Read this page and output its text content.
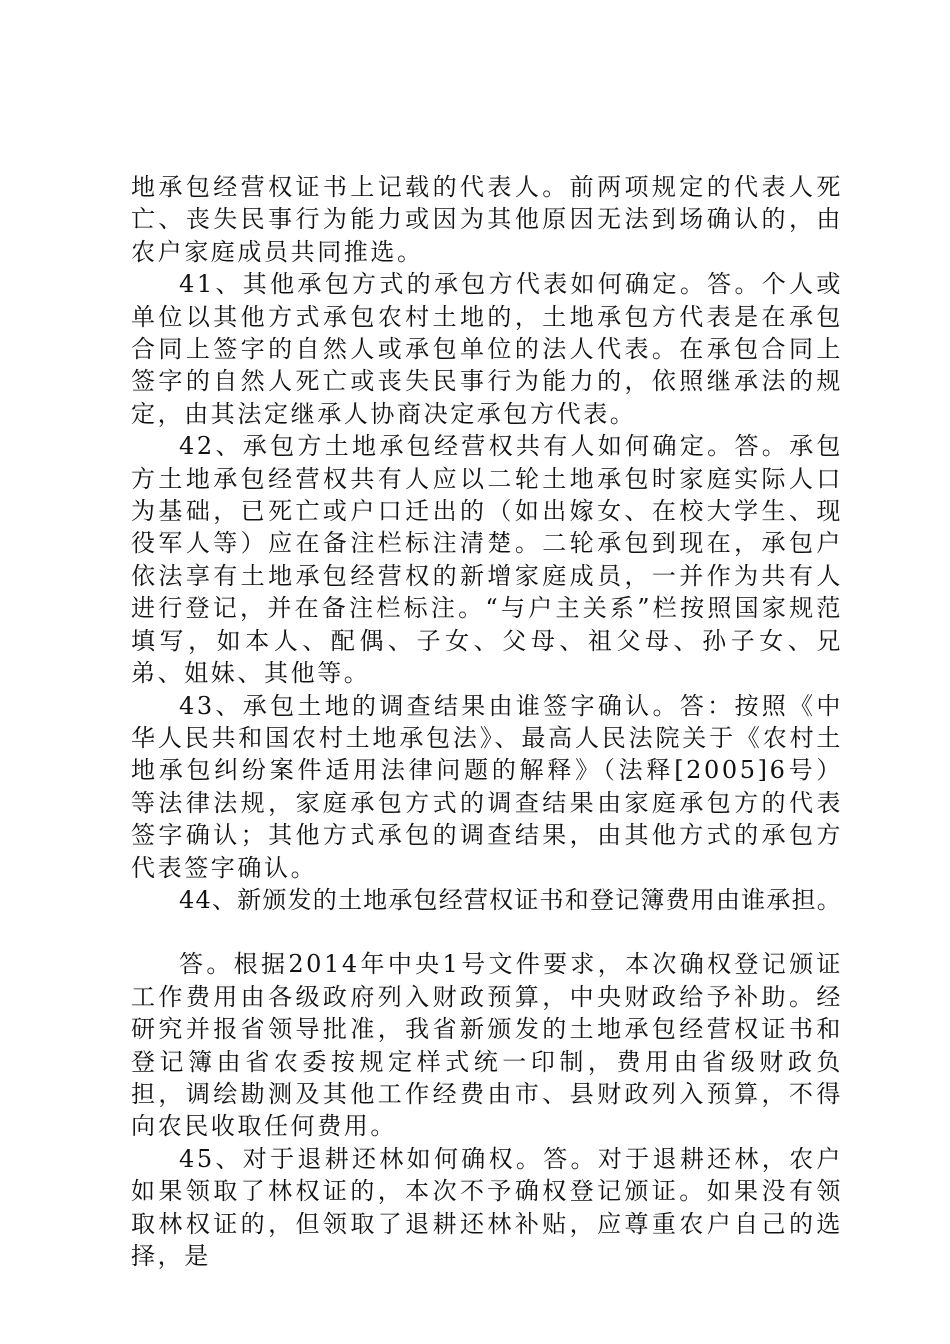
地承包经营权证书上记载的代表人。前两项规定的代表人死亡、丧失民事行为能力或因为其他原因无法到场确认的，由农户家庭成员共同推选。

41、其他承包方式的承包方代表如何确定。答。个人或单位以其他方式承包农村土地的，土地承包方代表是在承包合同上签字的自然人或承包单位的法人代表。在承包合同上签字的自然人死亡或丧失民事行为能力的，依照继承法的规定，由其法定继承人协商决定承包方代表。

42、承包方土地承包经营权共有人如何确定。答。承包方土地承包经营权共有人应以二轮土地承包时家庭实际人口为基础，已死亡或户口迁出的（如出嫁女、在校大学生、现役军人等）应在备注栏标注清楚。二轮承包到现在，承包户依法享有土地承包经营权的新增家庭成员，一并作为共有人进行登记，并在备注栏标注。“与户主关系”栏按照国家规范填写，如本人、配偶、子女、父母、祖父母、孙子女、兄弟、姐妹、其他等。

43、承包土地的调查结果由谁签字确认。答：按照《中华人民共和国农村土地承包法》、最高人民法院关于《农村土地承包纠纷案件适用法律问题的解释》（法释[2005]6号）等法律法规，家庭承包方式的调查结果由家庭承包方的代表签字确认；其他方式承包的调查结果，由其他方式的承包方代表签字确认。

44、新颁发的土地承包经营权证书和登记簿费用由谁承担。

答。根据2014年中央1号文件要求，本次确权登记颁证工作费用由各级政府列入财政预算，中央财政给予补助。经研究并报省领导批准，我省新颁发的土地承包经营权证书和登记簿由省农委按规定样式统一印制，费用由省级财政负担，调绘勘测及其他工作经费由市、县财政列入预算，不得向农民收取任何费用。

45、对于退耕还林如何确权。答。对于退耕还林，农户如果领取了林权证的，本次不予确权登记颁证。如果没有领取林权证的，但领取了退耕还林补贴，应尊重农户自己的选择，是
